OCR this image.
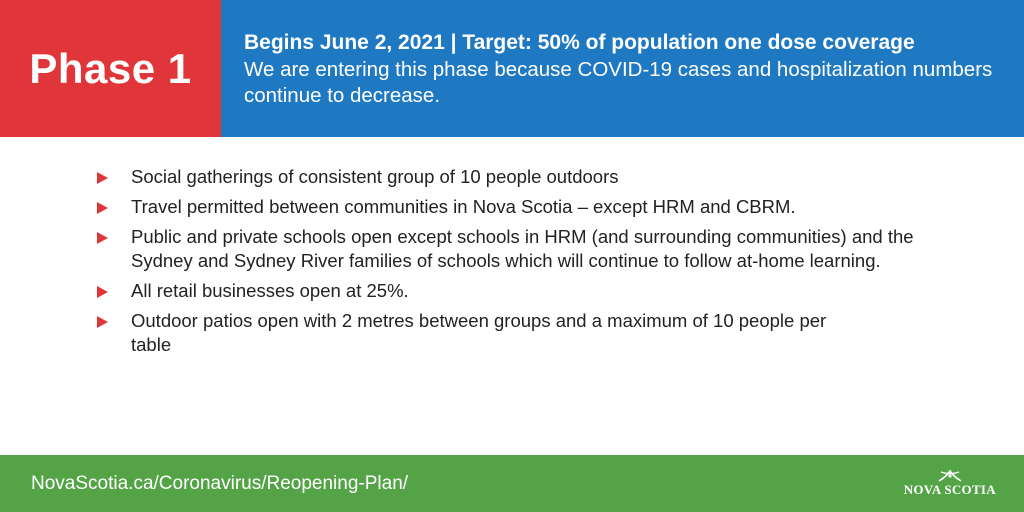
Phase 1
Begins June 2, 2021 | Target: 50% of population one dose coverage
We are entering this phase because COVID-19 cases and hospitalization numbers continue to decrease.
Social gatherings of consistent group of 10 people outdoors
Travel permitted between communities in Nova Scotia – except HRM and CBRM.
Public and private schools open except schools in HRM (and surrounding communities) and the Sydney and Sydney River families of schools which will continue to follow at-home learning.
All retail businesses open at 25%.
Outdoor patios open with 2 metres between groups and a maximum of 10 people per table
NovaScotia.ca/Coronavirus/Reopening-Plan/	NOVA SCOTIA
